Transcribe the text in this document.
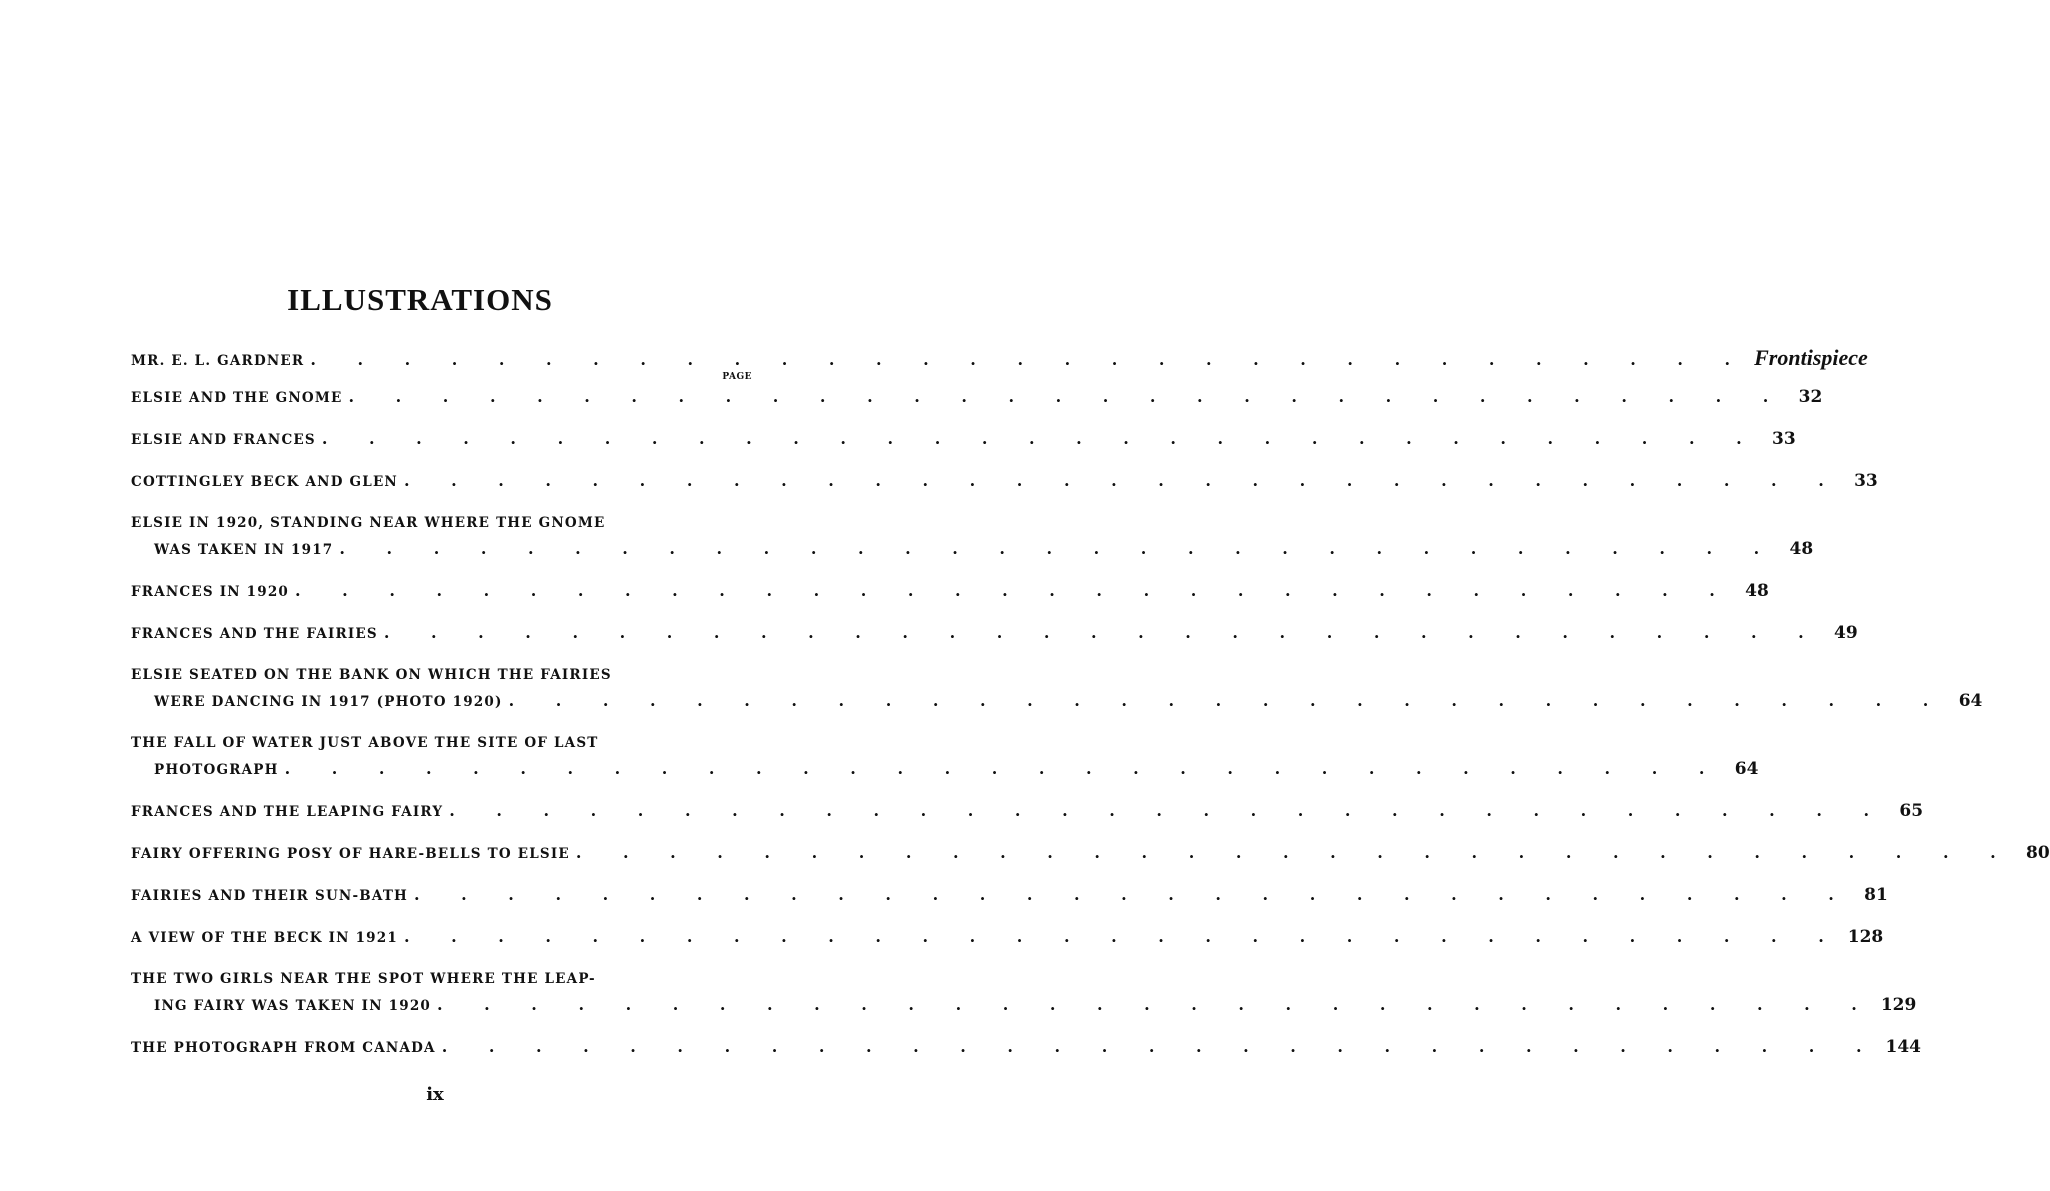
ILLUSTRATIONS
MR. E. L. GARDNER . . . . . . . . . . . . . . . . . . . . . . . . . . . . . . . Frontispiece
PAGE
ELSIE AND THE GNOME . . . . . . . . . . . . . . . . . . . . . . . . . . . . . . . 32
ELSIE AND FRANCES . . . . . . . . . . . . . . . . . . . . . . . . . . . . . . . 33
COTTINGLEY BECK AND GLEN . . . . . . . . . . . . . . . . . . . . . . . . . . . . . . . 33
ELSIE IN 1920, STANDING NEAR WHERE THE GNOME
WAS TAKEN IN 1917 . . . . . . . . . . . . . . . . . . . . . . . . . . . . . . . 48
FRANCES IN 1920 . . . . . . . . . . . . . . . . . . . . . . . . . . . . . . . 48
FRANCES AND THE FAIRIES . . . . . . . . . . . . . . . . . . . . . . . . . . . . . . . 49
ELSIE SEATED ON THE BANK ON WHICH THE FAIRIES
WERE DANCING IN 1917 (PHOTO 1920) . . . . . . . . . . . . . . . . . . . . . . . . . . . . . . . 64
THE FALL OF WATER JUST ABOVE THE SITE OF LAST
PHOTOGRAPH . . . . . . . . . . . . . . . . . . . . . . . . . . . . . . . 64
FRANCES AND THE LEAPING FAIRY . . . . . . . . . . . . . . . . . . . . . . . . . . . . . . . 65
FAIRY OFFERING POSY OF HARE-BELLS TO ELSIE . . . . . . . . . . . . . . . . . . . . . . . . . . . . . . . 80
FAIRIES AND THEIR SUN-BATH . . . . . . . . . . . . . . . . . . . . . . . . . . . . . . . 81
A VIEW OF THE BECK IN 1921 . . . . . . . . . . . . . . . . . . . . . . . . . . . . . . . 128
THE TWO GIRLS NEAR THE SPOT WHERE THE LEAP-
ING FAIRY WAS TAKEN IN 1920 . . . . . . . . . . . . . . . . . . . . . . . . . . . . . . . 129
THE PHOTOGRAPH FROM CANADA . . . . . . . . . . . . . . . . . . . . . . . . . . . . . . . 144
ix
